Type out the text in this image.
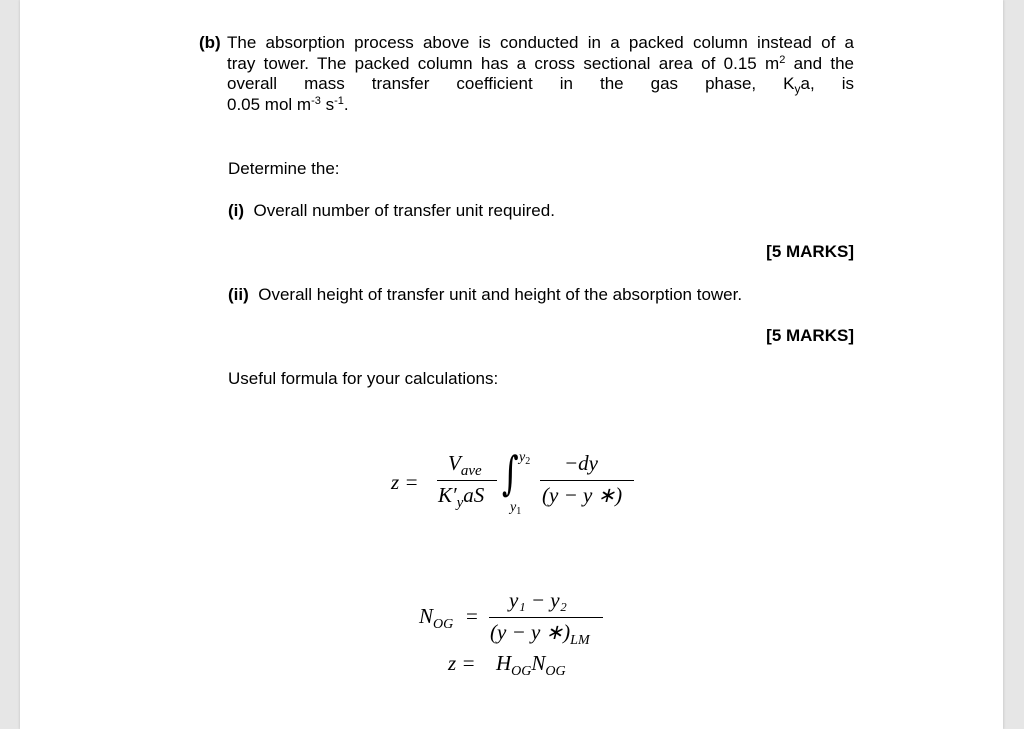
(b) The absorption process above is conducted in a packed column instead of a
tray tower. The packed column has a cross sectional area of 0.15 $m^2$ and the
overall mass transfer coefficient in the gas phase, $K_ya$, is
0.05 mol $m^{-3}$ $s^{-1}$.
Determine the:
(i) Overall number of transfer unit required.
[5 MARKS]
(ii) Overall height of transfer unit and height of the absorption tower.
[5 MARKS]
Useful formula for your calculations:
z =
$V_{ave}$
$K'_yaS$ ∫ $y_2$
$y_1$
−dy
(y − y ∗)
$N_{OG}$ =
y₁ − y₂
(y − y $∗)_{LM}$
$z = H_{OG}N_{OG}$
